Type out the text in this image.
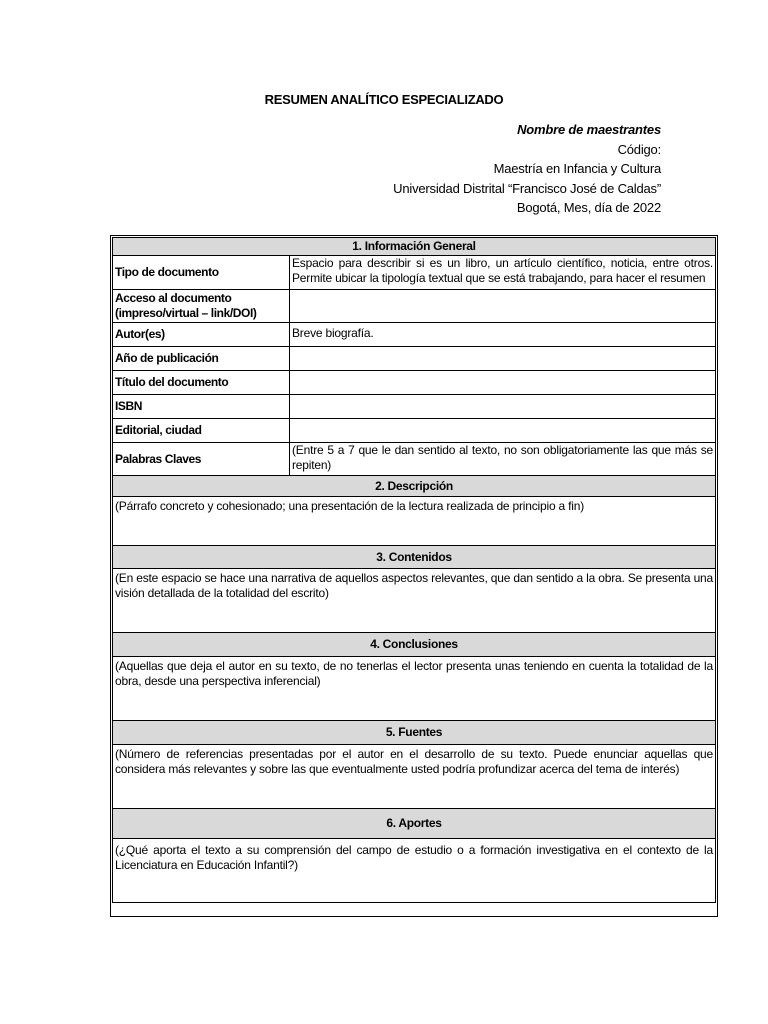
RESUMEN ANALÍTICO ESPECIALIZADO
Nombre de maestrantes
Código:
Maestría en Infancia y Cultura
Universidad Distrital “Francisco José de Caldas”
Bogotá, Mes, día de 2022
1. Información General	
Tipo de documento	Espacio para describir si es un libro, un artículo científico, noticia, entre otros. Permite ubicar la tipología textual que se está trabajando, para hacer el resumen
Acceso al documento (impreso/virtual – link/DOI)	
Autor(es)	Breve biografía.
Año de publicación	
Título del documento	
ISBN	
Editorial, ciudad	
Palabras Claves	(Entre 5 a 7 que le dan sentido al texto, no son obligatoriamente las que más se repiten)
2. Descripción	
(Párrafo concreto y cohesionado; una presentación de la lectura realizada de principio a fin)	
3. Contenidos	
(En este espacio se hace una narrativa de aquellos aspectos relevantes, que dan sentido a la obra. Se presenta una visión detallada de la totalidad del escrito)	
4. Conclusiones	
(Aquellas que deja el autor en su texto, de no tenerlas el lector presenta unas teniendo en cuenta la totalidad de la obra, desde una perspectiva inferencial)	
5. Fuentes	
(Número de referencias presentadas por el autor en el desarrollo de su texto. Puede enunciar aquellas que considera más relevantes y sobre las que eventualmente usted podría profundizar acerca del tema de interés)	
6. Aportes	
(¿Qué aporta el texto a su comprensión del campo de estudio o a formación investigativa en el contexto de la Licenciatura en Educación Infantil?)	
